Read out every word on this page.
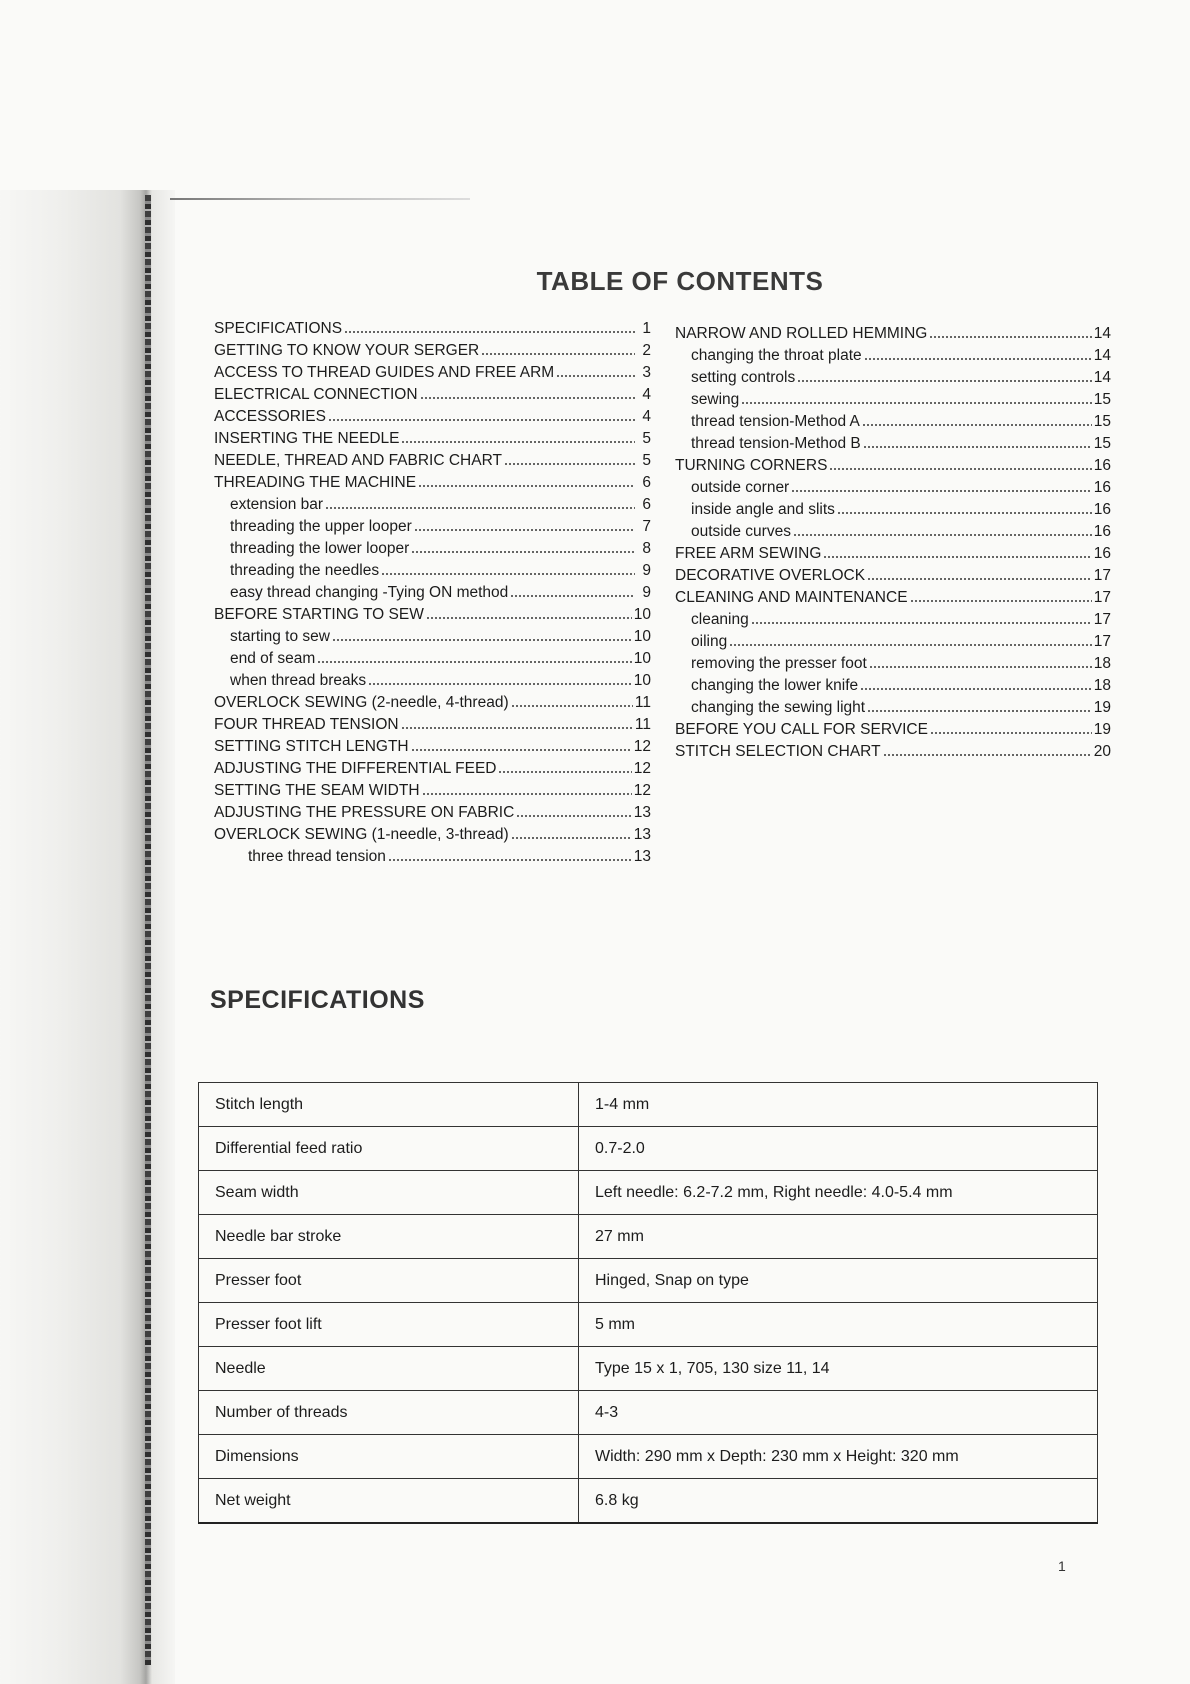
TABLE OF CONTENTS
SPECIFICATIONS	1
GETTING TO KNOW YOUR SERGER	2
ACCESS TO THREAD GUIDES AND FREE ARM	3
ELECTRICAL CONNECTION	4
ACCESSORIES	4
INSERTING THE NEEDLE	5
NEEDLE, THREAD AND FABRIC CHART	5
THREADING THE MACHINE	6
extension bar	6
threading the upper looper	7
threading the lower looper	8
threading the needles	9
easy thread changing -Tying ON method	9
BEFORE STARTING TO SEW	10
starting to sew	10
end of seam	10
when thread breaks	10
OVERLOCK SEWING (2-needle, 4-thread)	11
FOUR THREAD TENSION	11
SETTING STITCH LENGTH	12
ADJUSTING THE DIFFERENTIAL FEED	12
SETTING THE SEAM WIDTH	12
ADJUSTING THE PRESSURE ON FABRIC	13
OVERLOCK SEWING (1-needle, 3-thread)	13
three thread tension	13
NARROW AND ROLLED HEMMING	14
changing the throat plate	14
setting controls	14
sewing	15
thread tension-Method A	15
thread tension-Method B	15
TURNING CORNERS	16
outside corner	16
inside angle and slits	16
outside curves	16
FREE ARM SEWING	16
DECORATIVE OVERLOCK	17
CLEANING AND MAINTENANCE	17
cleaning	17
oiling	17
removing the presser foot	18
changing the lower knife	18
changing the sewing light	19
BEFORE YOU CALL FOR SERVICE	19
STITCH SELECTION CHART	20
SPECIFICATIONS
Stitch length	1-4 mm
Differential feed ratio	0.7-2.0
Seam width	Left needle: 6.2-7.2 mm, Right needle: 4.0-5.4 mm
Needle bar stroke	27 mm
Presser foot	Hinged, Snap on type
Presser foot lift	5 mm
Needle	Type 15 x 1, 705, 130 size 11, 14
Number of threads	4-3
Dimensions	Width: 290 mm x Depth: 230 mm x Height: 320 mm
Net weight	6.8 kg
1
